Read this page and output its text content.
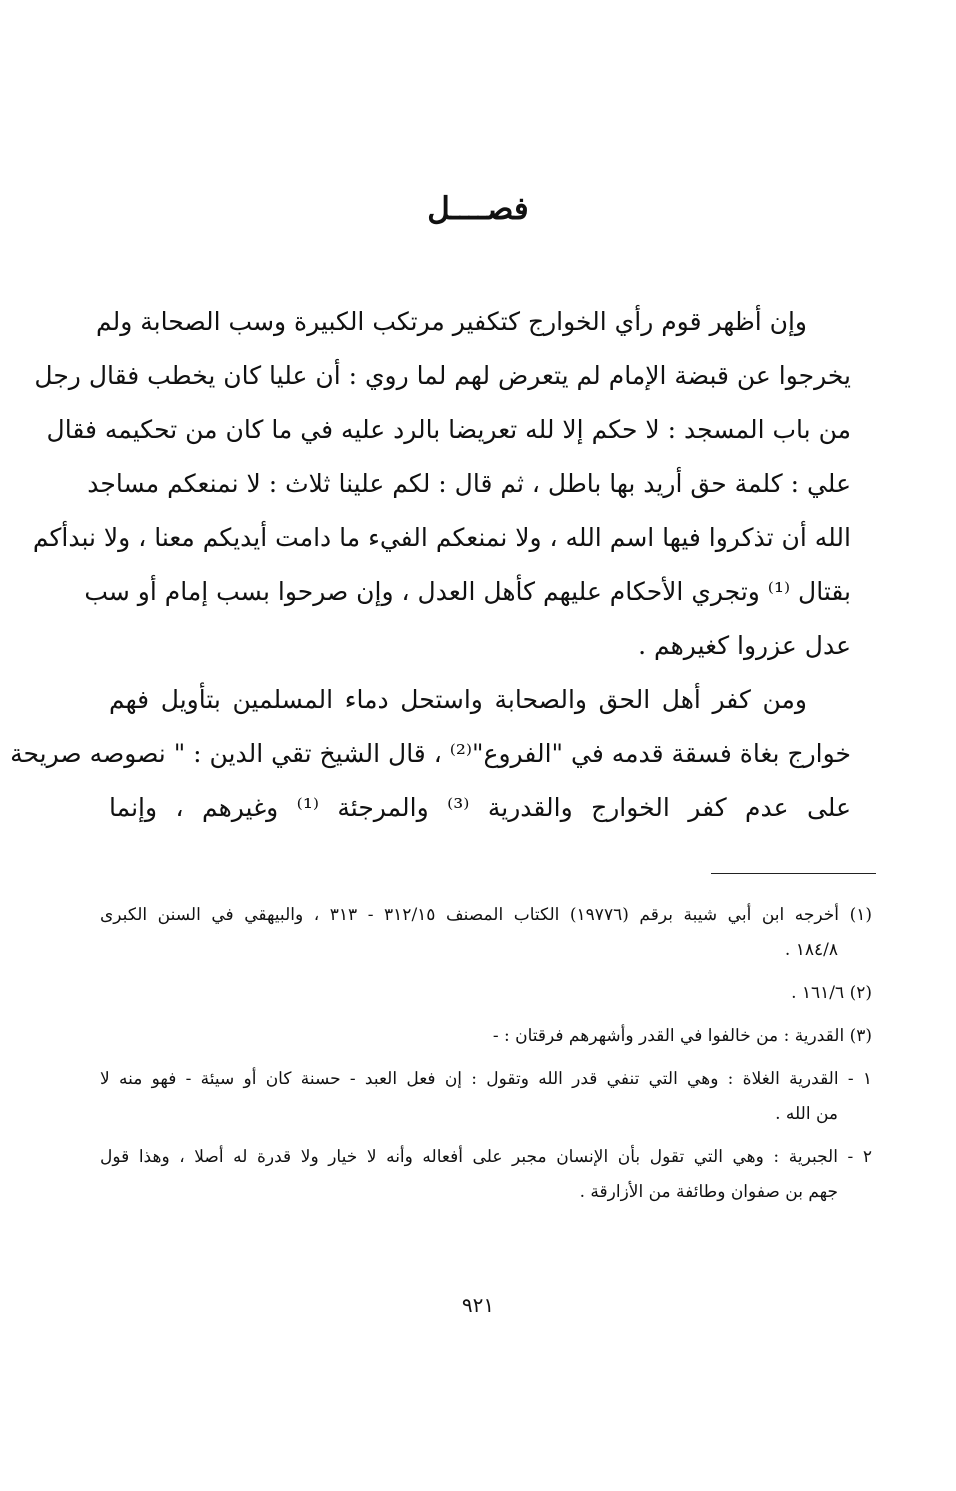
فصــــل
وإن أظهر قوم رأي الخوارج كتكفير مرتكب الكبيرة وسب الصحابة ولم
يخرجوا عن قبضة الإمام لم يتعرض لهم لما روي : أن عليا كان يخطب فقال رجل
من باب المسجد : لا حكم إلا لله تعريضا بالرد عليه في ما كان من تحكيمه فقال
علي : كلمة حق أريد بها باطل ، ثم قال : لكم علينا ثلاث : لا نمنعكم مساجد
الله أن تذكروا فيها اسم الله ، ولا نمنعكم الفيء ما دامت أيديكم معنا ، ولا نبدأكم
بقتال ⁽¹⁾ وتجري الأحكام عليهم كأهل العدل ، وإن صرحوا بسب إمام أو سب
عدل عزروا كغيرهم .
ومن كفر أهل الحق والصحابة واستحل دماء المسلمين بتأويل فهم
خوارج بغاة فسقة قدمه في "الفروع"⁽²⁾ ، قال الشيخ تقي الدين : " نصوصه صريحة
على عدم كفر الخوارج والقدرية ⁽³⁾ والمرجئة ⁽¹⁾ وغيرهم ، وإنما
(١) أخرجه ابن أبي شيبة برقم (١٩٧٧٦) الكتاب المصنف ٣١٢/١٥ - ٣١٣ ، والبيهقي في السنن الكبرى
١٨٤/٨ .
(٢) ١٦١/٦ .
(٣) القدرية : من خالفوا في القدر وأشهرهم فرقتان : -
١ - القدرية الغلاة : وهي التي تنفي قدر الله وتقول : إن فعل العبد - حسنة كان أو سيئة - فهو منه لا
من الله .
٢ - الجبرية : وهي التي تقول بأن الإنسان مجبر على أفعاله وأنه لا خيار ولا قدرة له أصلا ، وهذا قول
جهم بن صفوان وطائفة من الأزارقة .
٩٢١
